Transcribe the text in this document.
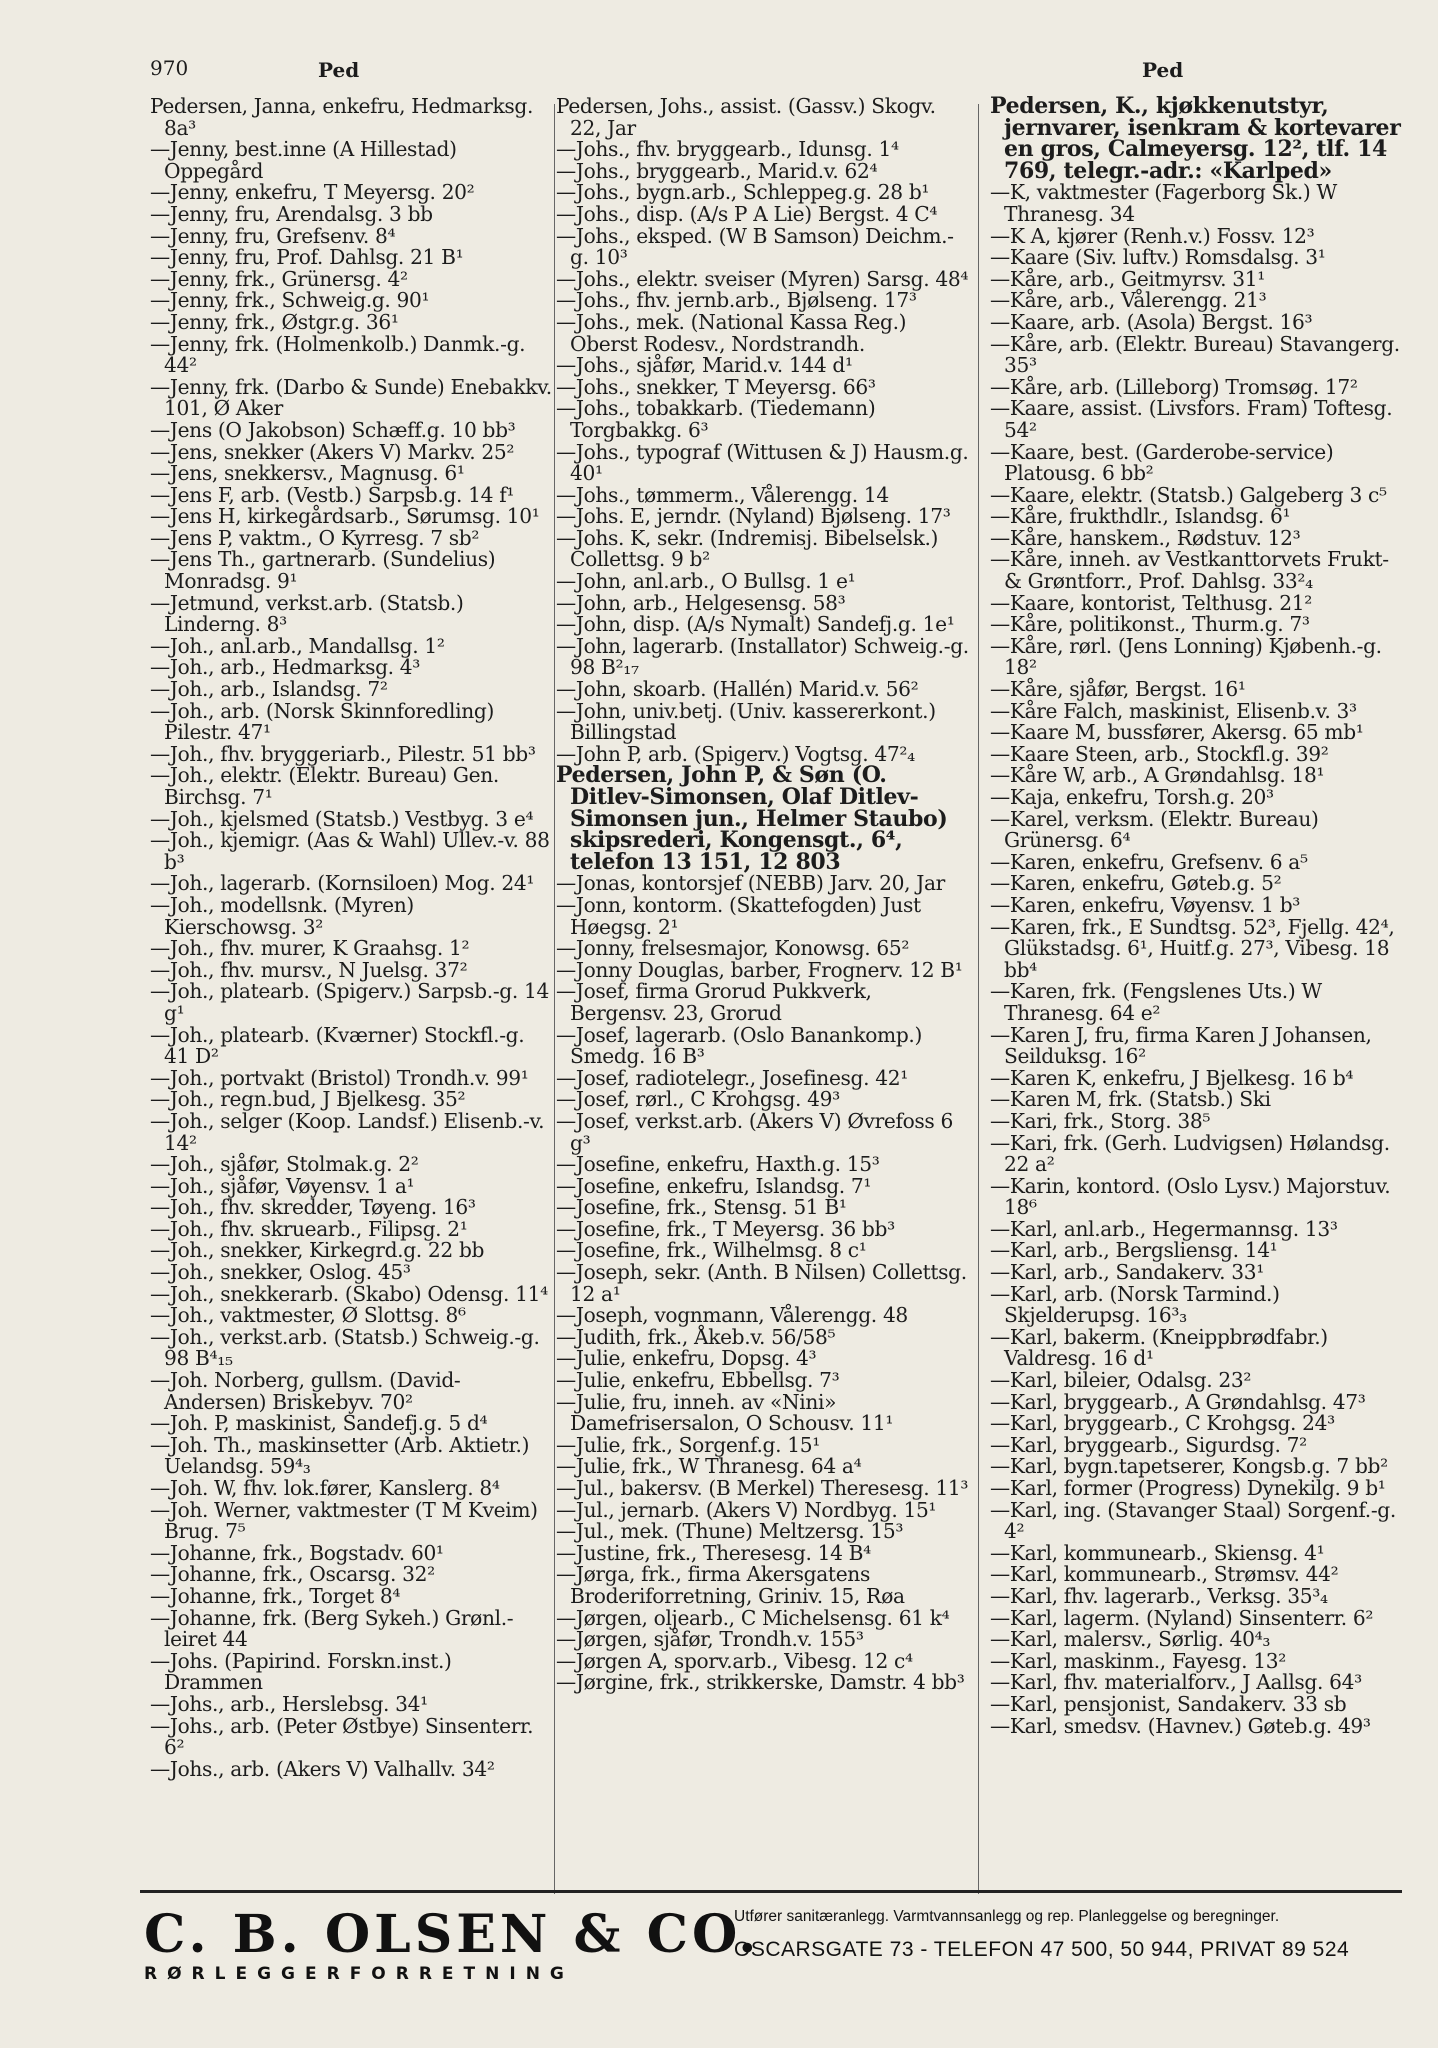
970	Ped	Ped

Pedersen, Janna, enkefru, Hedmarksg. 8a³

—Jenny, best.inne (A Hillestad) Oppegård

—Jenny, enkefru, T Meyersg. 20²

—Jenny, fru, Arendalsg. 3 bb

—Jenny, fru, Grefsenv. 8⁴

—Jenny, fru, Prof. Dahlsg. 21 B¹

—Jenny, frk., Grünersg. 4²

—Jenny, frk., Schweig.g. 90¹

—Jenny, frk., Østgr.g. 36¹

—Jenny, frk. (Holmenkolb.) Danmk.-g. 44²

—Jenny, frk. (Darbo & Sunde) Enebakkv. 101, Ø Aker

—Jens (O Jakobson) Schæff.g. 10 bb³

—Jens, snekker (Akers V) Markv. 25²

—Jens, snekkersv., Magnusg. 6¹

—Jens F, arb. (Vestb.) Sarpsb.g. 14 f¹

—Jens H, kirkegårdsarb., Sørumsg. 10¹

—Jens P, vaktm., O Kyrresg. 7 sb²

—Jens Th., gartnerarb. (Sundelius) Monradsg. 9¹

—Jetmund, verkst.arb. (Statsb.) Linderng. 8³

—Joh., anl.arb., Mandallsg. 1²

—Joh., arb., Hedmarksg. 4³

—Joh., arb., Islandsg. 7²

—Joh., arb. (Norsk Skinnforedling) Pilestr. 47¹

—Joh., fhv. bryggeriarb., Pilestr. 51 bb³

—Joh., elektr. (Elektr. Bureau) Gen. Birchsg. 7¹

—Joh., kjelsmed (Statsb.) Vestbyg. 3 e⁴

—Joh., kjemigr. (Aas & Wahl) Ullev.-v. 88 b³

—Joh., lagerarb. (Kornsiloen) Mog. 24¹

—Joh., modellsnk. (Myren) Kierschowsg. 3²

—Joh., fhv. murer, K Graahsg. 1²

—Joh., fhv. mursv., N Juelsg. 37²

—Joh., platearb. (Spigerv.) Sarpsb.-g. 14 g¹

—Joh., platearb. (Kværner) Stockfl.-g. 41 D²

—Joh., portvakt (Bristol) Trondh.v. 99¹

—Joh., regn.bud, J Bjelkesg. 35²

—Joh., selger (Koop. Landsf.) Elisenb.-v. 14²

—Joh., sjåfør, Stolmak.g. 2²

—Joh., sjåfør, Vøyensv. 1 a¹

—Joh., fhv. skredder, Tøyeng. 16³

—Joh., fhv. skruearb., Filipsg. 2¹

—Joh., snekker, Kirkegrd.g. 22 bb

—Joh., snekker, Oslog. 45³

—Joh., snekkerarb. (Skabo) Odensg. 11⁴

—Joh., vaktmester, Ø Slottsg. 8⁶

—Joh., verkst.arb. (Statsb.) Schweig.-g. 98 B⁴₁₅

—Joh. Norberg, gullsm. (David-Andersen) Briskebyv. 70²

—Joh. P, maskinist, Sandefj.g. 5 d⁴

—Joh. Th., maskinsetter (Arb. Aktietr.) Uelandsg. 59⁴₃

—Joh. W, fhv. lok.fører, Kanslerg. 8⁴

—Joh. Werner, vaktmester (T M Kveim) Brug. 7⁵

—Johanne, frk., Bogstadv. 60¹

—Johanne, frk., Oscarsg. 32²

—Johanne, frk., Torget 8⁴

—Johanne, frk. (Berg Sykeh.) Grønl.-leiret 44

—Johs. (Papirind. Forskn.inst.) Drammen

—Johs., arb., Herslebsg. 34¹

—Johs., arb. (Peter Østbye) Sinsenterr. 6²

—Johs., arb. (Akers V) Valhallv. 34²

Pedersen, Johs., assist. (Gassv.) Skogv. 22, Jar

—Johs., fhv. bryggearb., Idunsg. 1⁴

—Johs., bryggearb., Marid.v. 62⁴

—Johs., bygn.arb., Schleppeg.g. 28 b¹

—Johs., disp. (A/s P A Lie) Bergst. 4 C⁴

—Johs., eksped. (W B Samson) Deichm.-g. 10³

—Johs., elektr. sveiser (Myren) Sarsg. 48⁴

—Johs., fhv. jernb.arb., Bjølseng. 17³

—Johs., mek. (National Kassa Reg.) Oberst Rodesv., Nordstrandh.

—Johs., sjåfør, Marid.v. 144 d¹

—Johs., snekker, T Meyersg. 66³

—Johs., tobakkarb. (Tiedemann) Torgbakkg. 6³

—Johs., typograf (Wittusen & J) Hausm.g. 40¹

—Johs., tømmerm., Vålerengg. 14

—Johs. E, jerndr. (Nyland) Bjølseng. 17³

—Johs. K, sekr. (Indremisj. Bibelselsk.) Collettsg. 9 b²

—John, anl.arb., O Bullsg. 1 e¹

—John, arb., Helgesensg. 58³

—John, disp. (A/s Nymalt) Sandefj.g. 1e¹

—John, lagerarb. (Installator) Schweig.-g. 98 B²₁₇

—John, skoarb. (Hallén) Marid.v. 56²

—John, univ.betj. (Univ. kassererkont.) Billingstad

—John P, arb. (Spigerv.) Vogtsg. 47²₄

Pedersen, John P, & Søn (O. Ditlev-Simonsen, Olaf Ditlev-Simonsen jun., Helmer Staubo) skipsrederi, Kongensgt., 6⁴, telefon 13 151, 12 803

—Jonas, kontorsjef (NEBB) Jarv. 20, Jar

—Jonn, kontorm. (Skattefogden) Just Høegsg. 2¹

—Jonny, frelsesmajor, Konowsg. 65²

—Jonny Douglas, barber, Frognerv. 12 B¹

—Josef, firma Grorud Pukkverk, Bergensv. 23, Grorud

—Josef, lagerarb. (Oslo Banankomp.) Smedg. 16 B³

—Josef, radiotelegr., Josefinesg. 42¹

—Josef, rørl., C Krohgsg. 49³

—Josef, verkst.arb. (Akers V) Øvrefoss 6 g³

—Josefine, enkefru, Haxth.g. 15³

—Josefine, enkefru, Islandsg. 7¹

—Josefine, frk., Stensg. 51 B¹

—Josefine, frk., T Meyersg. 36 bb³

—Josefine, frk., Wilhelmsg. 8 c¹

—Joseph, sekr. (Anth. B Nilsen) Collettsg. 12 a¹

—Joseph, vognmann, Vålerengg. 48

—Judith, frk., Åkeb.v. 56/58⁵

—Julie, enkefru, Dopsg. 4³

—Julie, enkefru, Ebbellsg. 7³

—Julie, fru, inneh. av «Nini» Damefrisersalon, O Schousv. 11¹

—Julie, frk., Sorgenf.g. 15¹

—Julie, frk., W Thranesg. 64 a⁴

—Jul., bakersv. (B Merkel) Theresesg. 11³

—Jul., jernarb. (Akers V) Nordbyg. 15¹

—Jul., mek. (Thune) Meltzersg. 15³

—Justine, frk., Theresesg. 14 B⁴

—Jørga, frk., firma Akersgatens Broderiforretning, Griniv. 15, Røa

—Jørgen, oljearb., C Michelsensg. 61 k⁴

—Jørgen, sjåfør, Trondh.v. 155³

—Jørgen A, sporv.arb., Vibesg. 12 c⁴

—Jørgine, frk., strikkerske, Damstr. 4 bb³

Pedersen, K., kjøkkenutstyr, jernvarer, isenkram & kortevarer en gros, Calmeyersg. 12², tlf. 14 769, telegr.-adr.: «Karlped»

—K, vaktmester (Fagerborg Sk.) W Thranesg. 34

—K A, kjører (Renh.v.) Fossv. 12³

—Kaare (Siv. luftv.) Romsdalsg. 3¹

—Kåre, arb., Geitmyrsv. 31¹

—Kåre, arb., Vålerengg. 21³

—Kaare, arb. (Asola) Bergst. 16³

—Kåre, arb. (Elektr. Bureau) Stavangerg. 35³

—Kåre, arb. (Lilleborg) Tromsøg. 17²

—Kaare, assist. (Livsfors. Fram) Toftesg. 54²

—Kaare, best. (Garderobe-service) Platousg. 6 bb²

—Kaare, elektr. (Statsb.) Galgeberg 3 c⁵

—Kåre, frukthdlr., Islandsg. 6¹

—Kåre, hanskem., Rødstuv. 12³

—Kåre, inneh. av Vestkanttorvets Frukt- & Grøntforr., Prof. Dahlsg. 33²₄

—Kaare, kontorist, Telthusg. 21²

—Kåre, politikonst., Thurm.g. 7³

—Kåre, rørl. (Jens Lonning) Kjøbenh.-g. 18²

—Kåre, sjåfør, Bergst. 16¹

—Kåre Falch, maskinist, Elisenb.v. 3³

—Kaare M, bussfører, Akersg. 65 mb¹

—Kaare Steen, arb., Stockfl.g. 39²

—Kåre W, arb., A Grøndahlsg. 18¹

—Kaja, enkefru, Torsh.g. 20³

—Karel, verksm. (Elektr. Bureau) Grünersg. 6⁴

—Karen, enkefru, Grefsenv. 6 a⁵

—Karen, enkefru, Gøteb.g. 5²

—Karen, enkefru, Vøyensv. 1 b³

—Karen, frk., E Sundtsg. 52³, Fjellg. 42⁴, Glükstadsg. 6¹, Huitf.g. 27³, Vibesg. 18 bb⁴

—Karen, frk. (Fengslenes Uts.) W Thranesg. 64 e²

—Karen J, fru, firma Karen J Johansen, Seilduksg. 16²

—Karen K, enkefru, J Bjelkesg. 16 b⁴

—Karen M, frk. (Statsb.) Ski

—Kari, frk., Storg. 38⁵

—Kari, frk. (Gerh. Ludvigsen) Hølandsg. 22 a²

—Karin, kontord. (Oslo Lysv.) Majorstuv. 18⁶

—Karl, anl.arb., Hegermannsg. 13³

—Karl, arb., Bergsliensg. 14¹

—Karl, arb., Sandakerv. 33¹

—Karl, arb. (Norsk Tarmind.) Skjelderupsg. 16³₃

—Karl, bakerm. (Kneippbrødfabr.) Valdresg. 16 d¹

—Karl, bileier, Odalsg. 23²

—Karl, bryggearb., A Grøndahlsg. 47³

—Karl, bryggearb., C Krohgsg. 24³

—Karl, bryggearb., Sigurdsg. 7²

—Karl, bygn.tapetserer, Kongsb.g. 7 bb²

—Karl, former (Progress) Dynekilg. 9 b¹

—Karl, ing. (Stavanger Staal) Sorgenf.-g. 4²

—Karl, kommunearb., Skiensg. 4¹

—Karl, kommunearb., Strømsv. 44²

—Karl, fhv. lagerarb., Verksg. 35³₄

—Karl, lagerm. (Nyland) Sinsenterr. 6²

—Karl, malersv., Sørlig. 40⁴₃

—Karl, maskinm., Fayesg. 13²

—Karl, fhv. materialforv., J Aallsg. 64³

—Karl, pensjonist, Sandakerv. 33 sb

—Karl, smedsv. (Havnev.) Gøteb.g. 49³

C. B. OLSEN & CO.
RØRLEGGERFORRETNING
Utfører sanitæranlegg. Varmtvannsanlegg og rep. Planleggelse og beregninger.
OSCARSGATE 73 - TELEFON 47 500, 50 944, PRIVAT 89 524
